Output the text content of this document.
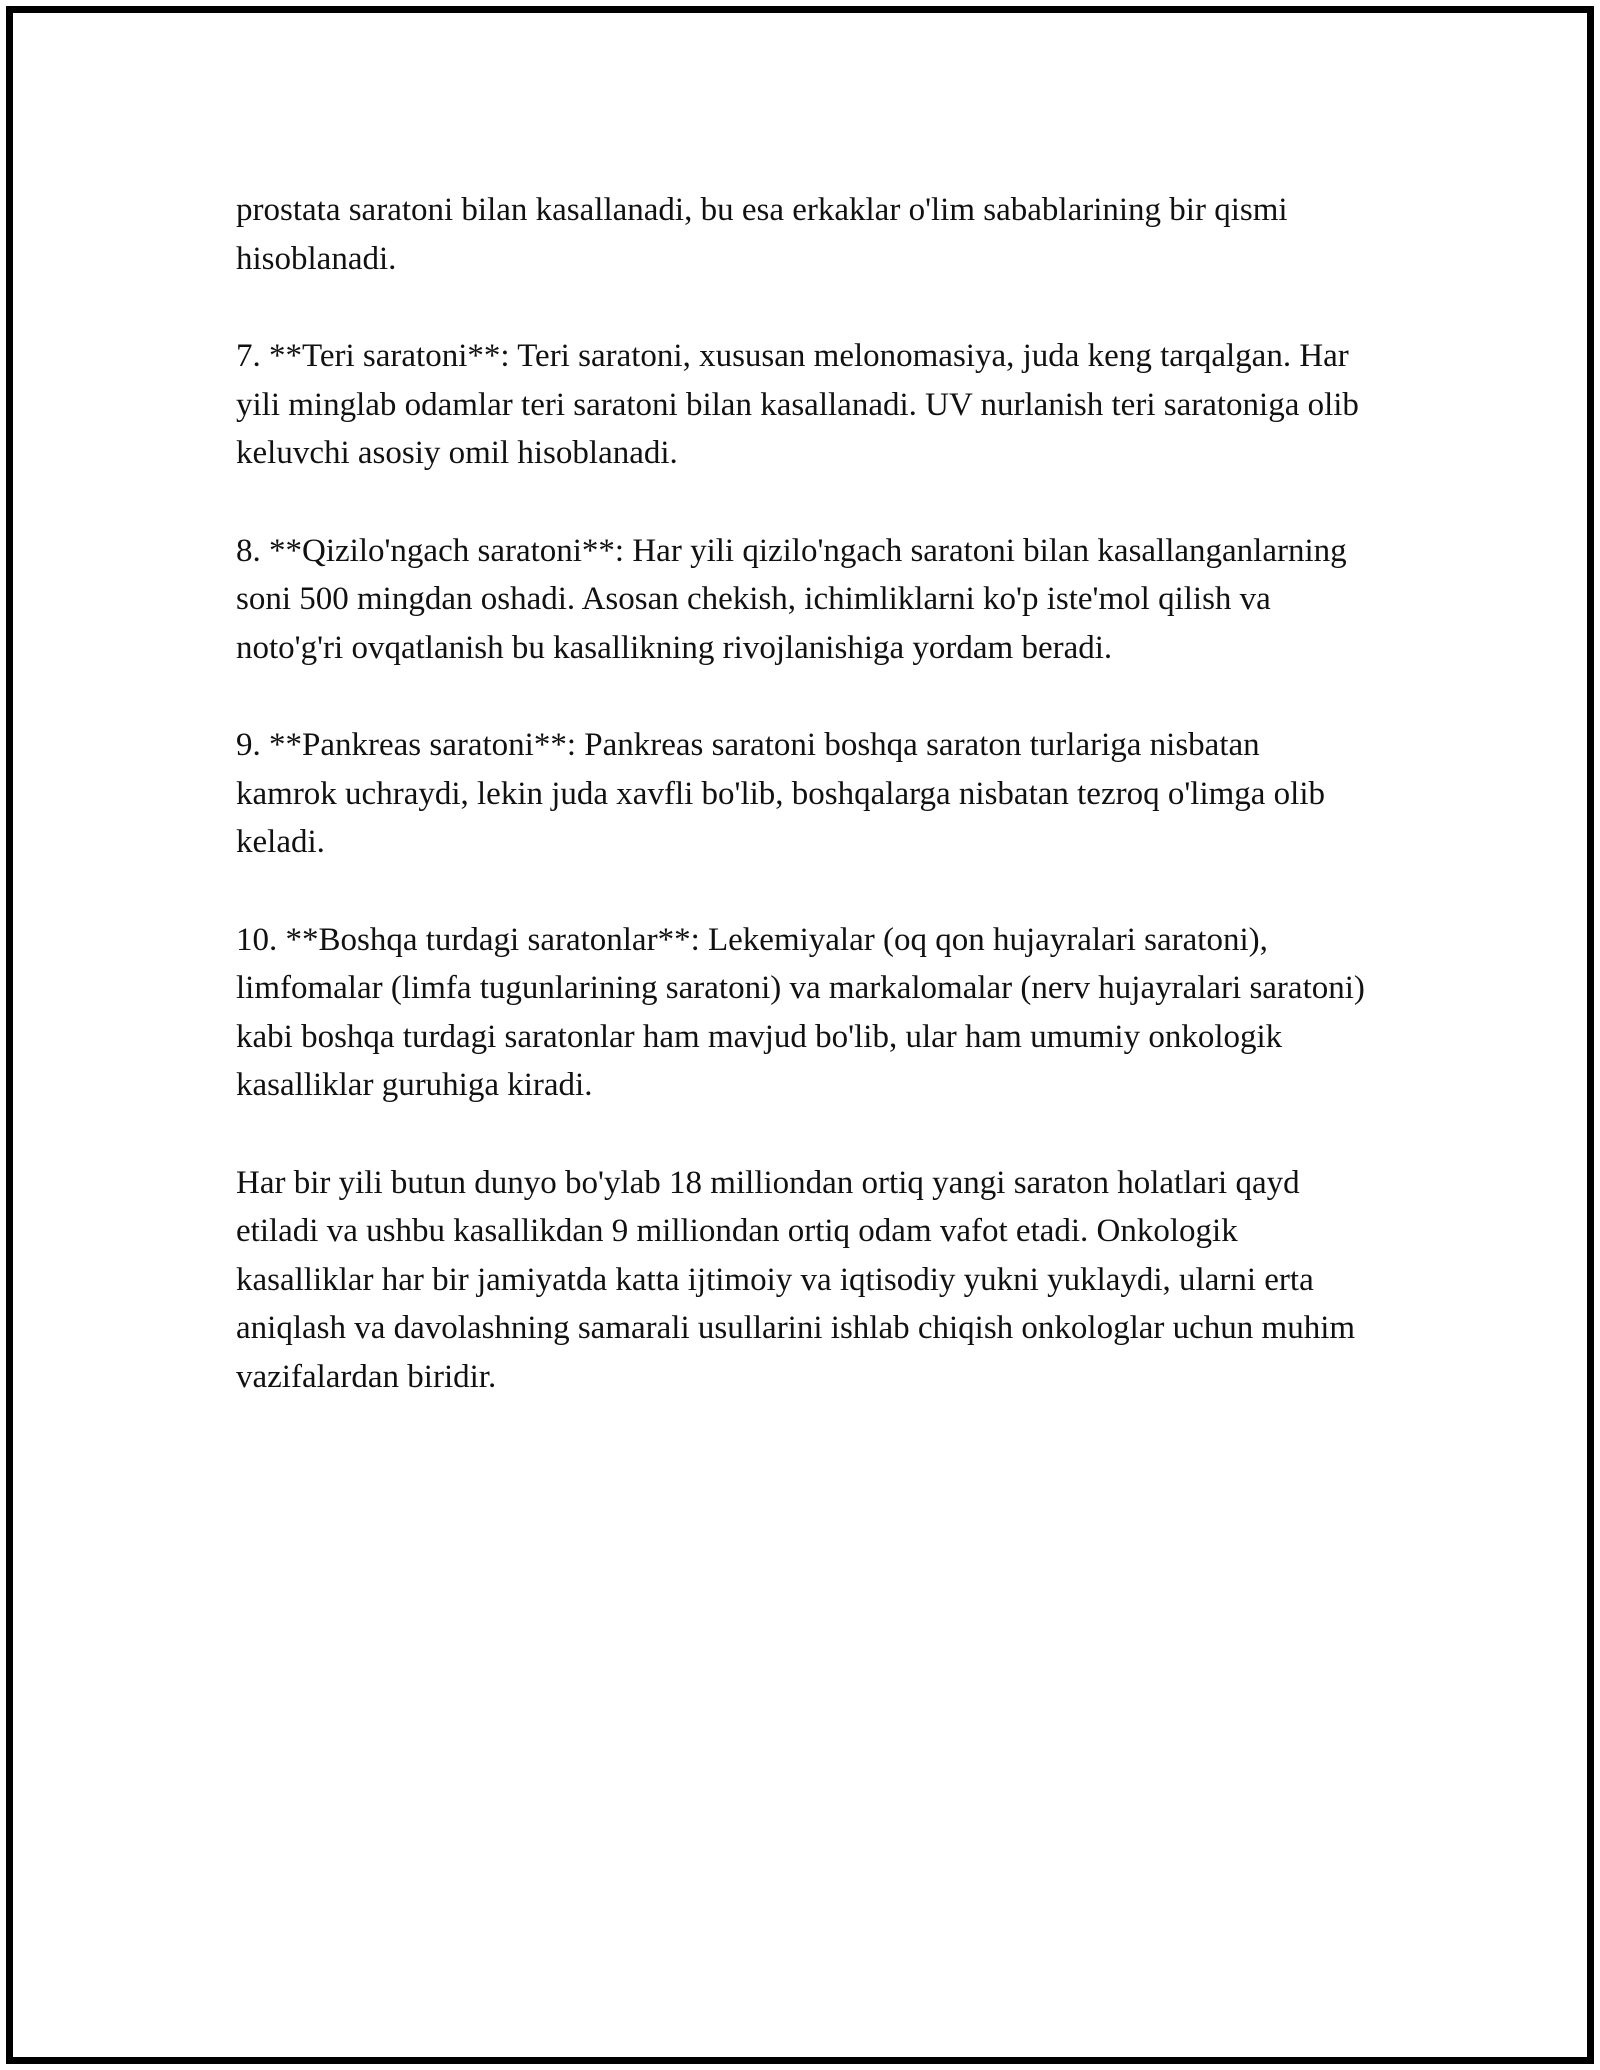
prostata saratoni bilan kasallanadi, bu esa erkaklar o'lim sabablarining bir qismi hisoblanadi.

7. **Teri saratoni**: Teri saratoni, xususan melonomasiya, juda keng tarqalgan. Har yili minglab odamlar teri saratoni bilan kasallanadi. UV nurlanish teri saratoniga olib keluvchi asosiy omil hisoblanadi.

8. **Qizilo'ngach saratoni**: Har yili qizilo'ngach saratoni bilan kasallanganlarning soni 500 mingdan oshadi. Asosan chekish, ichimliklarni ko'p iste'mol qilish va noto'g'ri ovqatlanish bu kasallikning rivojlanishiga yordam beradi.

9. **Pankreas saratoni**: Pankreas saratoni boshqa saraton turlariga nisbatan kamrok uchraydi, lekin juda xavfli bo'lib, boshqalarga nisbatan tezroq o'limga olib keladi.

10. **Boshqa turdagi saratonlar**: Lekemiyalar (oq qon hujayralari saratoni), limfomalar (limfa tugunlarining saratoni) va markalomalar (nerv hujayralari saratoni) kabi boshqa turdagi saratonlar ham mavjud bo'lib, ular ham umumiy onkologik kasalliklar guruhiga kiradi.

Har bir yili butun dunyo bo'ylab 18 milliondan ortiq yangi saraton holatlari qayd etiladi va ushbu kasallikdan 9 milliondan ortiq odam vafot etadi. Onkologik kasalliklar har bir jamiyatda katta ijtimoiy va iqtisodiy yukni yuklaydi, ularni erta aniqlash va davolashning samarali usullarini ishlab chiqish onkologlar uchun muhim vazifalardan biridir.
